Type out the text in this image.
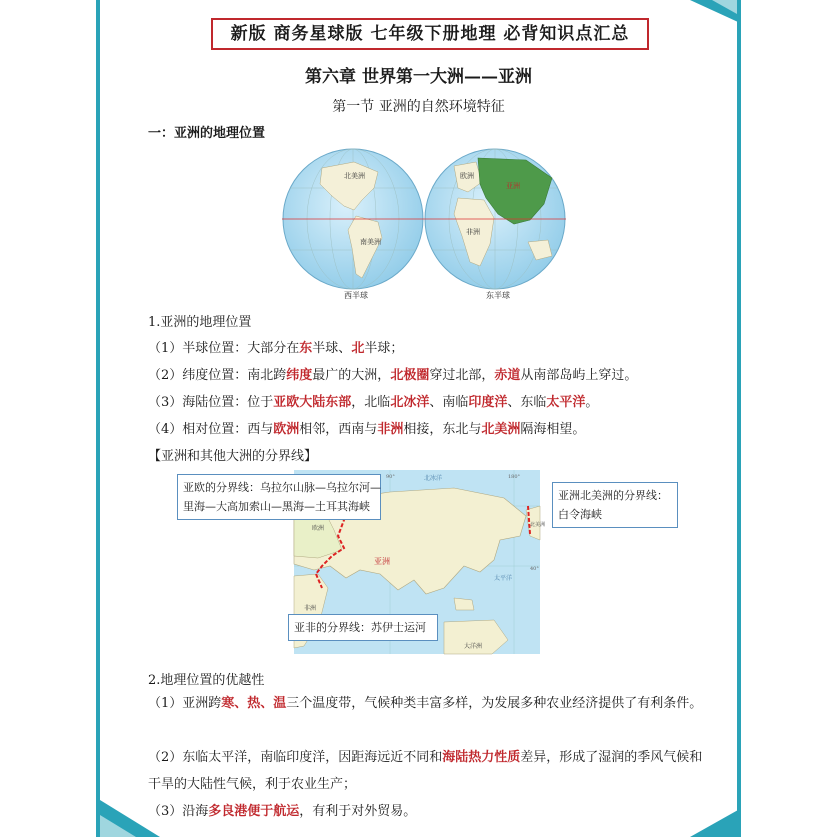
新版 商务星球版 七年级下册地理 必背知识点汇总
第六章 世界第一大洲——亚洲
第一节 亚洲的自然环境特征
一：亚洲的地理位置
北美洲
南美洲
欧洲
亚洲
非洲
西半球	东半球
1.亚洲的地理位置
（1）半球位置：大部分在东半球、北半球；
（2）纬度位置：南北跨纬度最广的大洲，北极圈穿过北部，赤道从南部岛屿上穿过。
（3）海陆位置：位于亚欧大陆东部，北临北冰洋、南临印度洋、东临太平洋。
（4）相对位置：西与欧洲相邻，西南与非洲相接，东北与北美洲隔海相望。
【亚洲和其他大洲的分界线】
亚洲
欧洲
非洲
大洋洲
太平洋
北冰洋
北美洲
90°	180°
40°
亚欧的分界线：乌拉尔山脉—乌拉尔河—
里海—大高加索山—黑海—土耳其海峡
亚洲北美洲的分界线：
白令海峡
亚非的分界线：苏伊士运河
2.地理位置的优越性
（1）亚洲跨寒、热、温三个温度带，气候种类丰富多样，为发展多种农业经济提供了有利条件。
（2）东临太平洋，南临印度洋，因距海远近不同和海陆热力性质差异，形成了湿润的季风气候和干旱的大陆性气候，利于农业生产；
（3）沿海多良港便于航运，有利于对外贸易。
